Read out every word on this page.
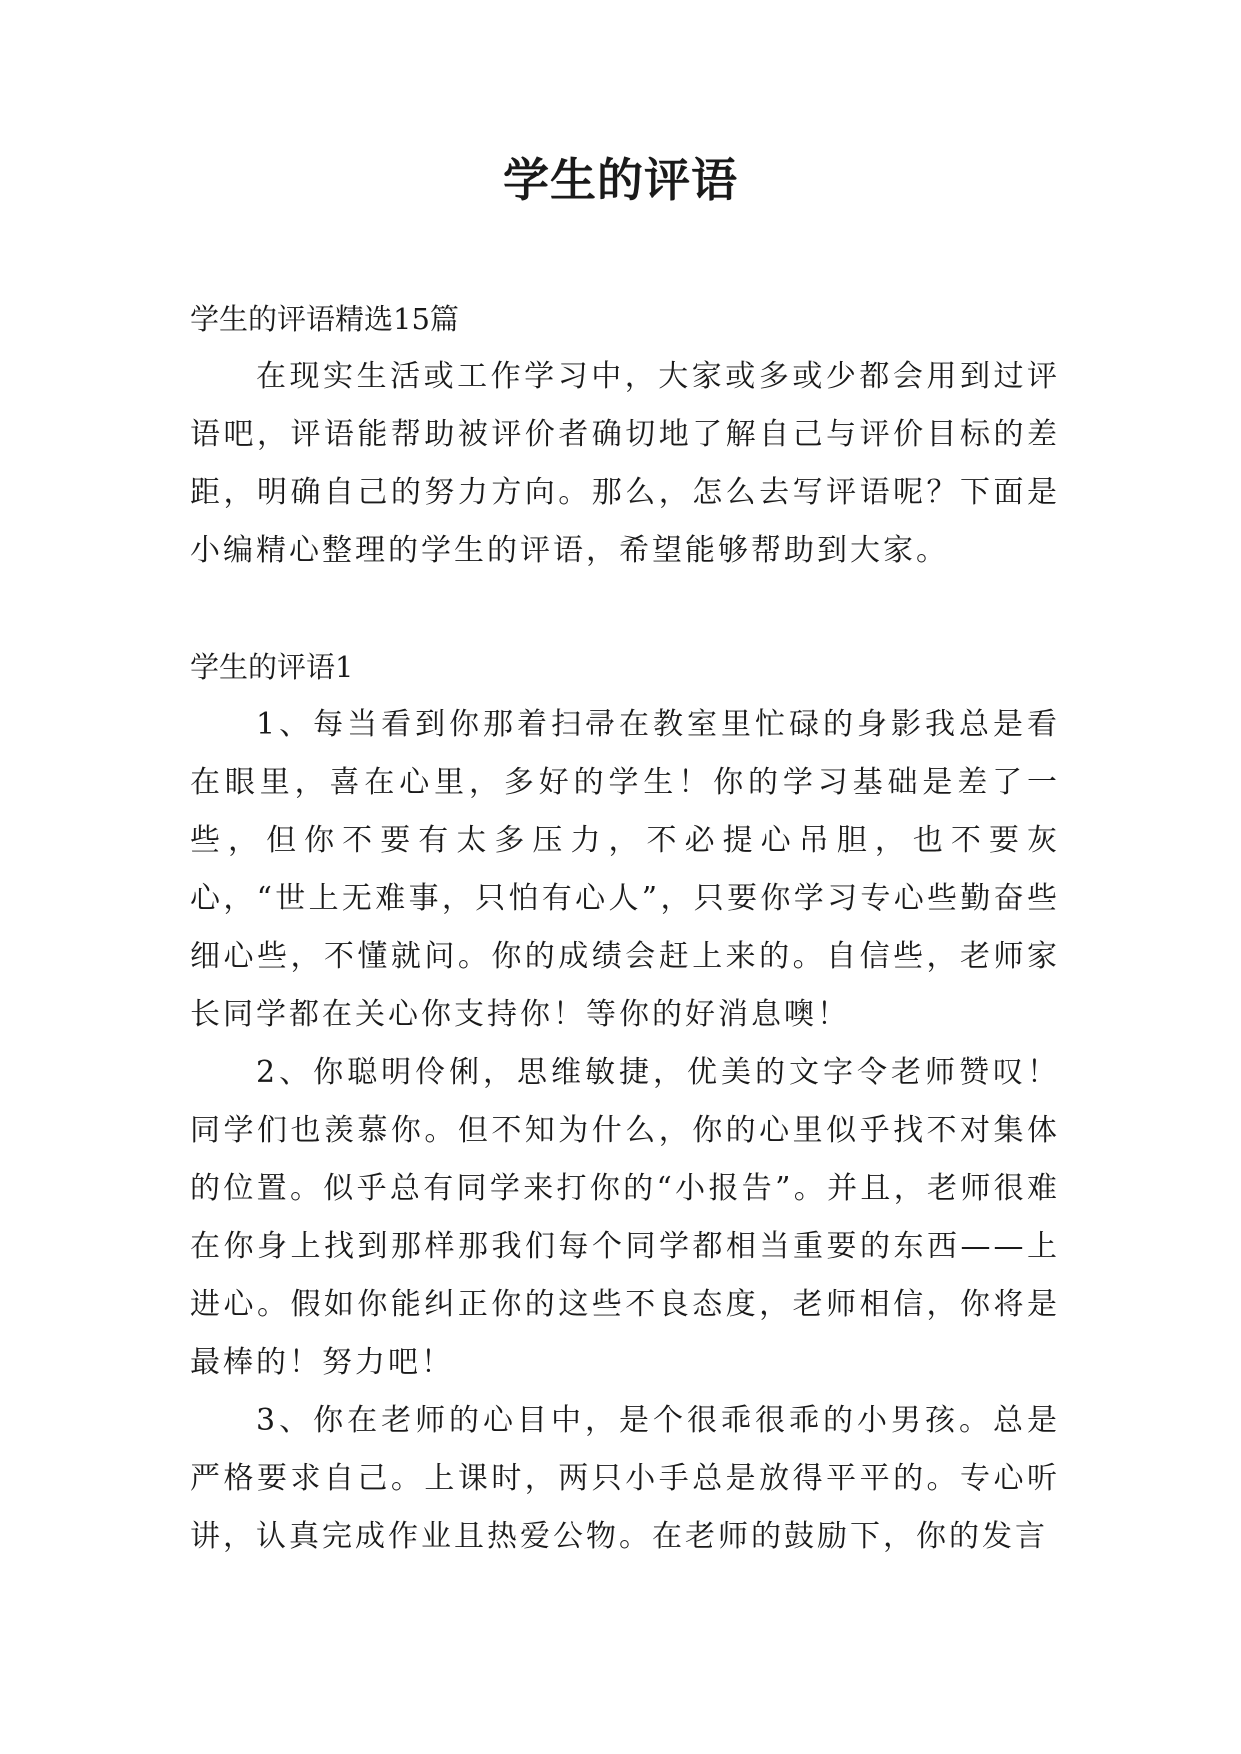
学生的评语

学生的评语精选15篇

在现实生活或工作学习中，大家或多或少都会用到过评语吧，评语能帮助被评价者确切地了解自己与评价目标的差距，明确自己的努力方向。那么，怎么去写评语呢？下面是小编精心整理的学生的评语，希望能够帮助到大家。

学生的评语1

1、每当看到你那着扫帚在教室里忙碌的身影我总是看在眼里，喜在心里，多好的学生！你的学习基础是差了一些，但你不要有太多压力，不必提心吊胆，也不要灰心，“世上无难事，只怕有心人”，只要你学习专心些勤奋些细心些，不懂就问。你的成绩会赶上来的。自信些，老师家长同学都在关心你支持你！等你的好消息噢！

2、你聪明伶俐，思维敏捷，优美的文字令老师赞叹！同学们也羡慕你。但不知为什么，你的心里似乎找不对集体的位置。似乎总有同学来打你的“小报告”。并且，老师很难在你身上找到那样那我们每个同学都相当重要的东西——上进心。假如你能纠正你的这些不良态度，老师相信，你将是最棒的！努力吧！

3、你在老师的心目中，是个很乖很乖的小男孩。总是严格要求自己。上课时，两只小手总是放得平平的。专心听讲，认真完成作业且热爱公物。在老师的鼓励下，你的发言
